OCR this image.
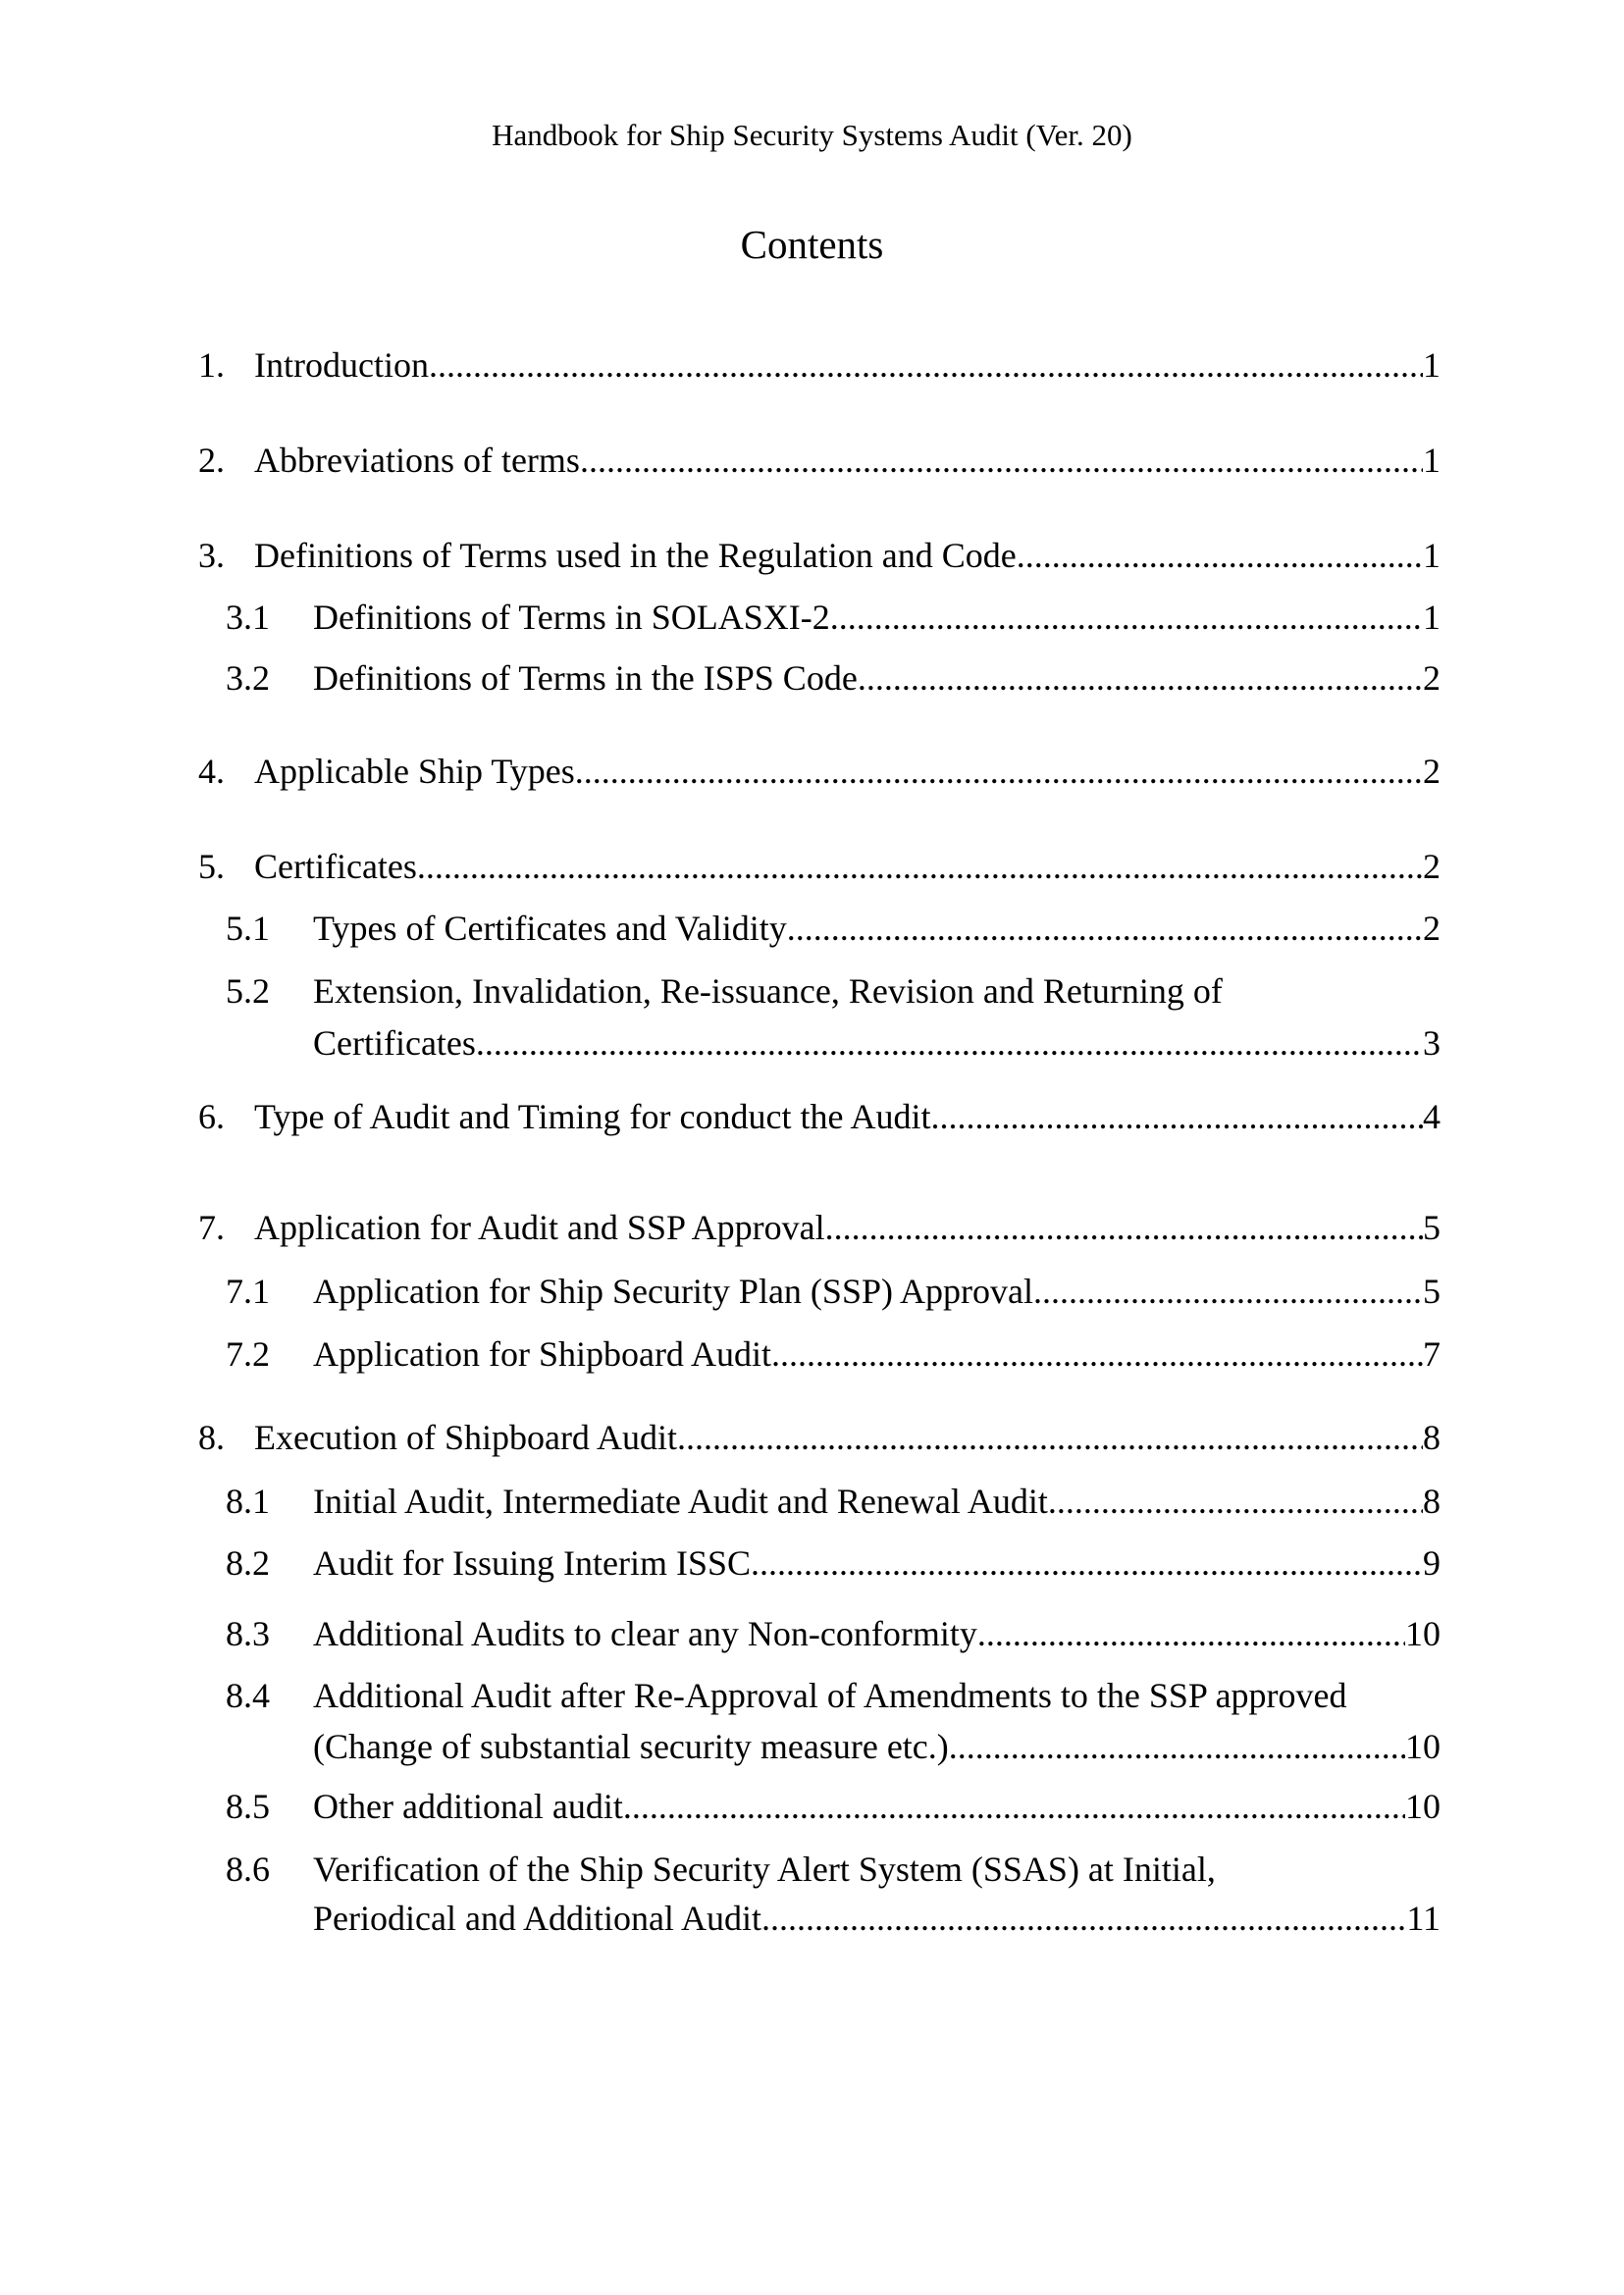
Handbook for Ship Security Systems Audit (Ver. 20)
Contents
1. Introduction .....	1
2. Abbreviations of terms .....	1
3. Definitions of Terms used in the Regulation and Code .....	1
3.1 Definitions of Terms in SOLASXI-2 .....	1
3.2 Definitions of Terms in the ISPS Code .....	2
4. Applicable Ship Types .....	2
5. Certificates .....	2
5.1 Types of Certificates and Validity .....	2
5.2 Extension, Invalidation, Re-issuance, Revision and Returning of
Certificates .....	3
6. Type of Audit and Timing for conduct the Audit .....	4
7. Application for Audit and SSP Approval .....	5
7.1 Application for Ship Security Plan (SSP) Approval .....	5
7.2 Application for Shipboard Audit .....	7
8. Execution of Shipboard Audit .....	8
8.1 Initial Audit, Intermediate Audit and Renewal Audit .....	8
8.2 Audit for Issuing Interim ISSC .....	9
8.3 Additional Audits to clear any Non-conformity .....	10
8.4 Additional Audit after Re-Approval of Amendments to the SSP approved
(Change of substantial security measure etc.) .....	10
8.5 Other additional audit .....	10
8.6 Verification of the Ship Security Alert System (SSAS) at Initial,
Periodical and Additional Audit .....	11
